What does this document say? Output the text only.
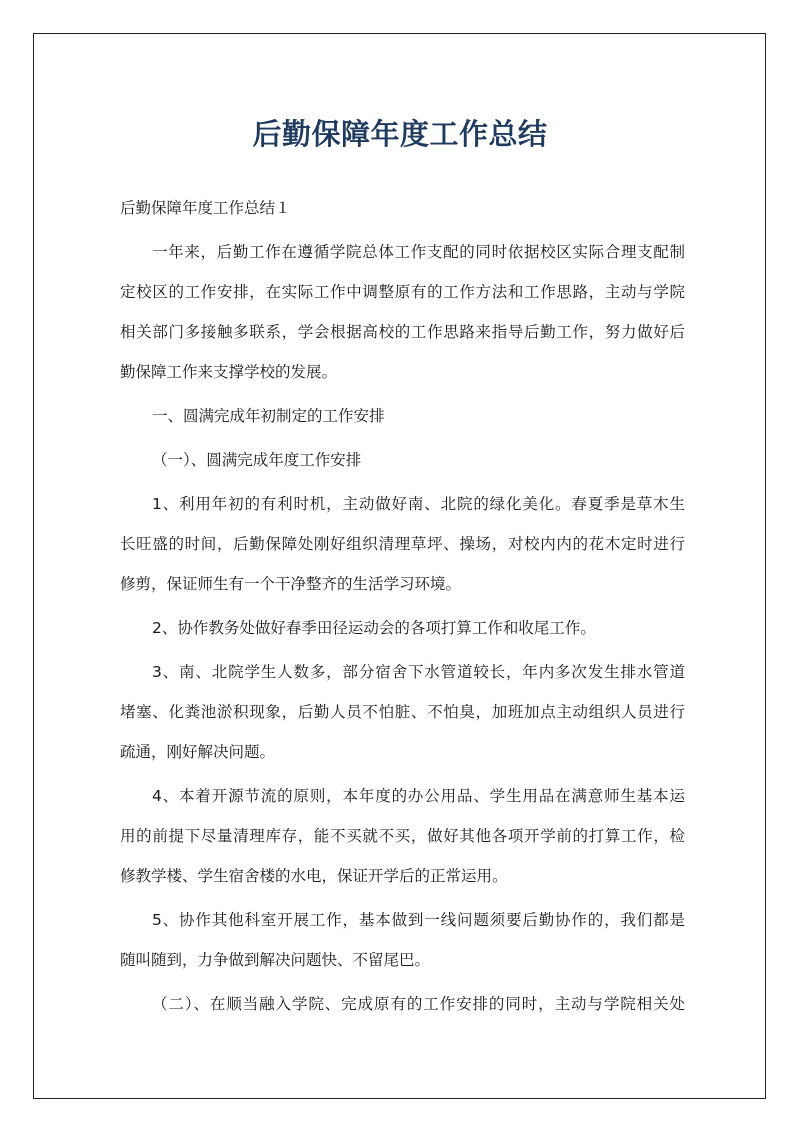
后勤保障年度工作总结

后勤保障年度工作总结１

一年来，后勤工作在遵循学院总体工作支配的同时依据校区实际合理支配制

定校区的工作安排，在实际工作中调整原有的工作方法和工作思路，主动与学院

相关部门多接触多联系，学会根据高校的工作思路来指导后勤工作，努力做好后

勤保障工作来支撑学校的发展。

一、圆满完成年初制定的工作安排

（一）、圆满完成年度工作安排

1、利用年初的有利时机，主动做好南、北院的绿化美化。春夏季是草木生

长旺盛的时间，后勤保障处刚好组织清理草坪、操场，对校内内的花木定时进行

修剪，保证师生有一个干净整齐的生活学习环境。

2、协作教务处做好春季田径运动会的各项打算工作和收尾工作。

3、南、北院学生人数多，部分宿舍下水管道较长，年内多次发生排水管道

堵塞、化粪池淤积现象，后勤人员不怕脏、不怕臭，加班加点主动组织人员进行

疏通，刚好解决问题。

4、本着开源节流的原则，本年度的办公用品、学生用品在满意师生基本运

用的前提下尽量清理库存，能不买就不买，做好其他各项开学前的打算工作，检

修教学楼、学生宿舍楼的水电，保证开学后的正常运用。

5、协作其他科室开展工作，基本做到一线问题须要后勤协作的，我们都是

随叫随到，力争做到解决问题快、不留尾巴。

（二）、在顺当融入学院、完成原有的工作安排的同时，主动与学院相关处
